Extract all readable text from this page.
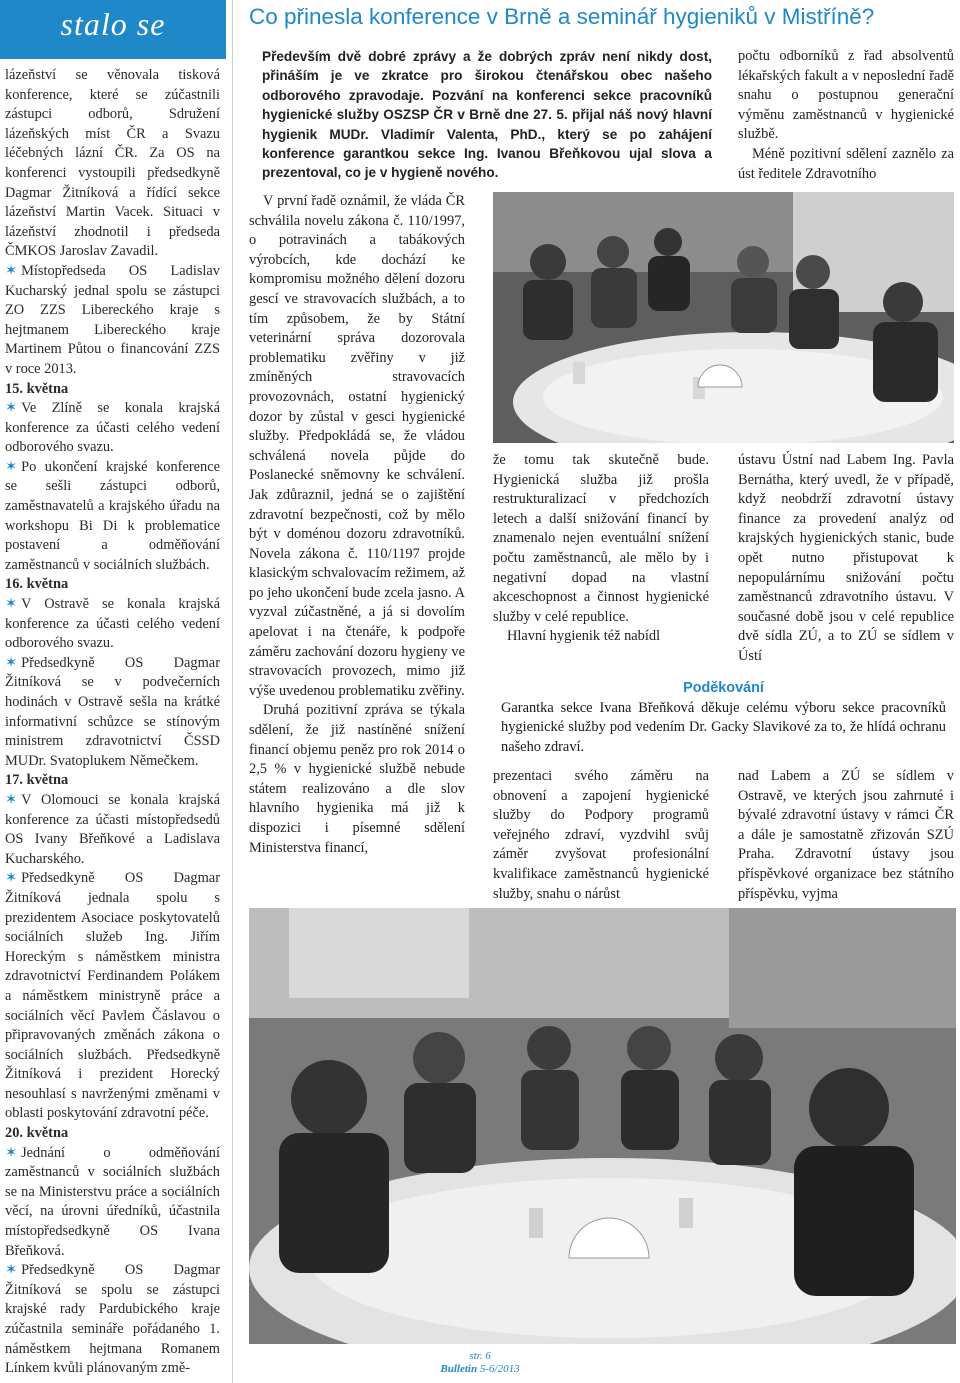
stalo se

lázeňství se věnovala tisková konference, které se zúčastnili zástupci odborů, Sdružení lázeňských míst ČR a Svazu léčebných lázní ČR. Za OS na konferenci vystoupili předsedkyně Dagmar Žitníková a řídící sekce lázeňství Martin Vacek. Situaci v lázeňství zhodnotil i předseda ČMKOS Jaroslav Zavadil.

✶ Místopředseda OS Ladislav Kucharský jednal spolu se zástupci ZO ZZS Libereckého kraje s hejtmanem Libereckého kraje Martinem Půtou o financování ZZS v roce 2013.

15. května

✶ Ve Zlíně se konala krajská konference za účasti celého vedení odborového svazu.

✶ Po ukončení krajské konference se sešli zástupci odborů, zaměstnavatelů a krajského úřadu na workshopu Bi Di k problematice postavení a odměňování zaměstnanců v sociálních službách.

16. května

✶ V Ostravě se konala krajská konference za účasti celého vedení odborového svazu.

✶ Předsedkyně OS Dagmar Žitníková se v podvečerních hodinách v Ostravě sešla na krátké informativní schůzce se stínovým ministrem zdravotnictví ČSSD MUDr. Svatoplukem Němečkem.

17. května

✶ V Olomouci se konala krajská konference za účasti místopředsedů OS Ivany Břeňkové a Ladislava Kucharského.

✶ Předsedkyně OS Dagmar Žitníková jednala spolu s prezidentem Asociace poskytovatelů sociálních služeb Ing. Jiřím Horeckým s náměstkem ministra zdravotnictví Ferdinandem Polákem a náměstkem ministryně práce a sociálních věcí Pavlem Čáslavou o připravovaných změnách zákona o sociálních službách. Předsedkyně Žitníková i prezident Horecký nesouhlasí s navrženými změnami v oblasti poskytování zdravotní péče.

20. května

✶ Jednání o odměňování zaměstnanců v sociálních službách se na Ministerstvu práce a sociálních věcí, na úrovni úředníků, účastnila místopředsedkyně OS Ivana Břeňková.

✶ Předsedkyně OS Dagmar Žitníková se spolu se zástupci krajské rady Pardubického kraje zúčastnila semináře pořádaného 1. náměstkem hejtmana Romanem Línkem kvůli plánovaným změ-

Co přinesla konference v Brně a seminář hygieniků v Mistříně?
Především dvě dobré zprávy a že dobrých zpráv není nikdy dost, přináším je ve zkratce pro širokou čtenářskou obec našeho odborového zpravodaje. Pozvání na konferenci sekce pracovníků hygienické služby OSZSP ČR v Brně dne 27. 5. přijal náš nový hlavní hygienik MUDr. Vladimír Valenta, PhD., který se po zahájení konference garantkou sekce Ing. Ivanou Břeňkovou ujal slova a prezentoval, co je v hygieně nového.

počtu odborníků z řad absolventů lékařských fakult a v neposlední řadě snahu o postupnou generační výměnu zaměstnanců v hygienické službě.

Méně pozitivní sdělení zaznělo za úst ředitele Zdravotního

V první řadě oznámil, že vláda ČR schválila novelu zákona č. 110/1997, o potravinách a tabákových výrobcích, kde dochází ke kompromisu možného dělení dozoru gescí ve stravovacích službách, a to tím způsobem, že by Státní veterinární správa dozorovala problematiku zvěřiny v již zmíněných stravovacích provozovnách, ostatní hygienický dozor by zůstal v gesci hygienické služby. Předpokládá se, že vládou schválená novela půjde do Poslanecké sněmovny ke schválení. Jak zdůraznil, jedná se o zajištění zdravotní bezpečnosti, což by mělo být v doménou dozoru zdravotníků. Novela zákona č. 110/1197 projde klasickým schvalovacím režimem, až po jeho ukončení bude zcela jasno. A vyzval zúčastněné, a já si dovolím apelovat i na čtenáře, k podpoře záměru zachování dozoru hygieny ve stravovacích provozech, mimo již výše uvedenou problematiku zvěřiny.

Druhá pozitivní zpráva se týkala sdělení, že již nastíněné snížení financí objemu peněz pro rok 2014 o 2,5 % v hygienické službě nebude státem realizováno a dle slov hlavního hygienika má již k dispozici i písemné sdělení Ministerstva financí,

že tomu tak skutečně bude. Hygienická služba již prošla restrukturalizací v předchozích letech a další snižování financí by znamenalo nejen eventuální snížení počtu zaměstnanců, ale mělo by i negativní dopad na vlastní akceschopnost a činnost hygienické služby v celé republice.

Hlavní hygienik též nabídl

ústavu Ústní nad Labem Ing. Pavla Bernátha, který uvedl, že v případě, když neobdrží zdravotní ústavy finance za provedení analýz od krajských hygienických stanic, bude opět nutno přistupovat k nepopulárnímu snižování počtu zaměstnanců zdravotního ústavu. V současné době jsou v celé republice dvě sídla ZÚ, a to ZÚ se sídlem v Ústí

Poděkování
Garantka sekce Ivana Břeňková děkuje celému výboru sekce pracovníků hygienické služby pod vedením Dr. Gacky Slavikové za to, že hlídá ochranu našeho zdraví.

prezentaci svého záměru na obnovení a zapojení hygienické služby do Podpory programů veřejného zdraví, vyzdvihl svůj záměr zvyšovat profesionální kvalifikace zaměstnanců hygienické služby, snahu o nárůst

nad Labem a ZÚ se sídlem v Ostravě, ve kterých jsou zahrnuté i bývalé zdravotní ústavy v rámci ČR a dále je samostatně zřizován SZÚ Praha. Zdravotní ústavy jsou příspěvkové organizace bez státního příspěvku, vyjma

str. 6
Bulletin 5-6/2013
